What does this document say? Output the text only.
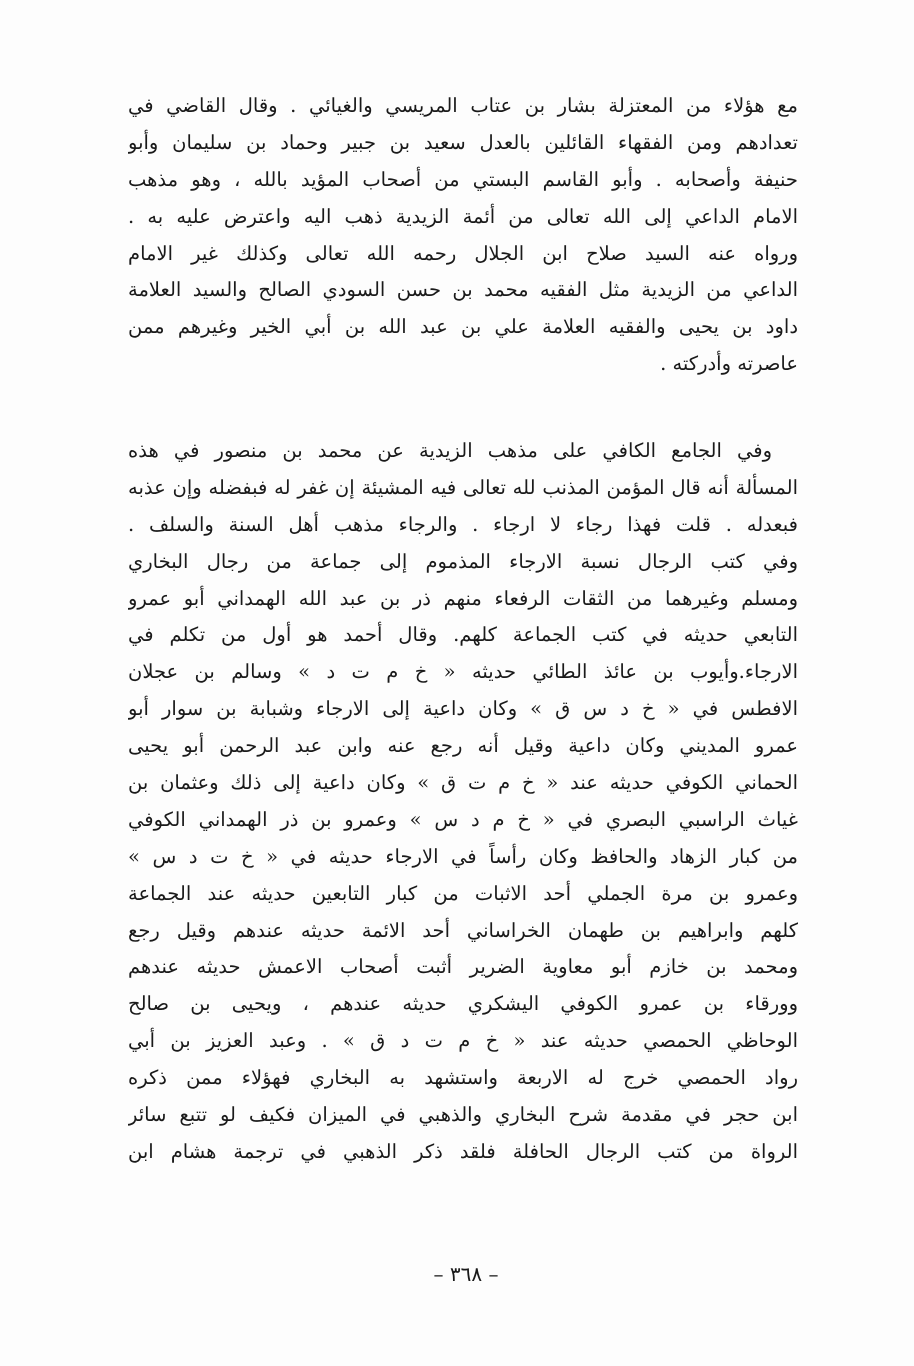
مع هؤلاء من المعتزلة بشار بن عتاب المريسي والغيائي . وقال القاضي في
تعدادهم ومن الفقهاء القائلين بالعدل سعيد بن جبير وحماد بن سليمان وأبو
حنيفة وأصحابه . وأبو القاسم البستي من أصحاب المؤيد بالله ، وهو مذهب
الامام الداعي إلى الله تعالى من أئمة الزيدية ذهب اليه واعترض عليه به .
ورواه عنه السيد صلاح ابن الجلال رحمه الله تعالى وكذلك غير الامام
الداعي من الزيدية مثل الفقيه محمد بن حسن السودي الصالح والسيد العلامة
داود بن يحيى والفقيه العلامة علي بن عبد الله بن أبي الخير وغيرهم ممن
عاصرته وأدركته .
وفي الجامع الكافي على مذهب الزيدية عن محمد بن منصور في هذه
المسألة أنه قال المؤمن المذنب لله تعالى فيه المشيئة إن غفر له فبفضله وإن عذبه
فبعدله . قلت فهذا رجاء لا ارجاء . والرجاء مذهب أهل السنة والسلف .
وفي كتب الرجال نسبة الارجاء المذموم إلى جماعة من رجال البخاري
ومسلم وغيرهما من الثقات الرفعاء منهم ذر بن عبد الله الهمداني أبو عمرو
التابعي حديثه في كتب الجماعة كلهم. وقال أحمد هو أول من تكلم في
الارجاء.وأيوب بن عائذ الطائي حديثه « خ م ت د » وسالم بن عجلان
الافطس في « خ د س ق » وكان داعية إلى الارجاء وشبابة بن سوار أبو
عمرو المديني وكان داعية وقيل أنه رجع عنه وابن عبد الرحمن أبو يحيى
الحماني الكوفي حديثه عند « خ م ت ق » وكان داعية إلى ذلك وعثمان بن
غياث الراسبي البصري في « خ م د س » وعمرو بن ذر الهمداني الكوفي
من كبار الزهاد والحافظ وكان رأساً في الارجاء حديثه في « خ ت د س »
وعمرو بن مرة الجملي أحد الاثبات من كبار التابعين حديثه عند الجماعة
كلهم وابراهيم بن طهمان الخراساني أحد الائمة حديثه عندهم وقيل رجع
ومحمد بن خازم أبو معاوية الضرير أثبت أصحاب الاعمش حديثه عندهم
وورقاء بن عمرو الكوفي اليشكري حديثه عندهم ، ويحيى بن صالح
الوحاظي الحمصي حديثه عند « خ م ت د ق » . وعبد العزيز بن أبي
رواد الحمصي خرج له الاربعة واستشهد به البخاري فهؤلاء ممن ذكره
ابن حجر في مقدمة شرح البخاري والذهبي في الميزان فكيف لو تتبع سائر
الرواة من كتب الرجال الحافلة فلقد ذكر الذهبي في ترجمة هشام ابن
– ٣٦٨ –
